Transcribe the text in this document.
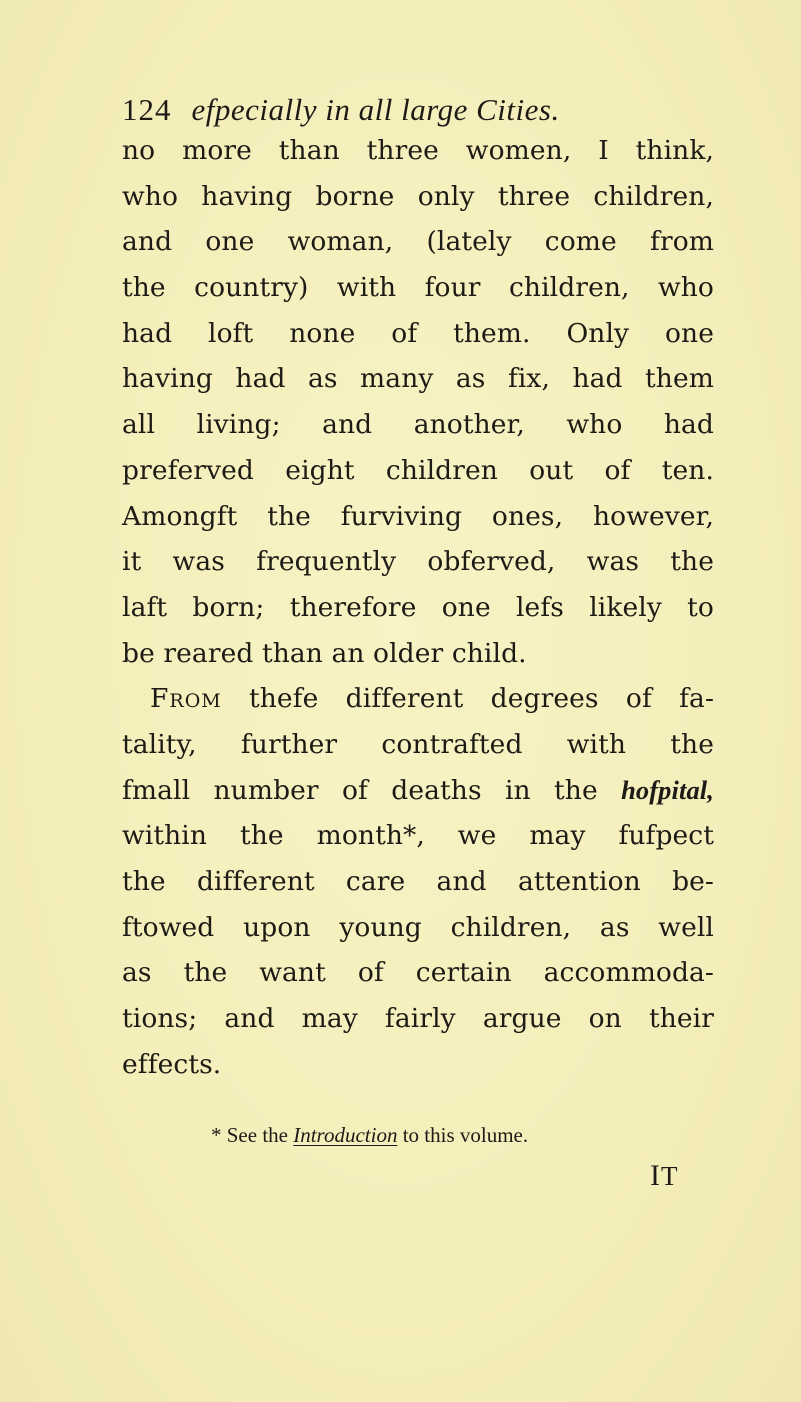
124 efpecially in all large Cities.
no more than three women, I think,
who having borne only three children,
and one woman, (lately come from
the country) with four children, who
had loft none of them. Only one
having had as many as fix, had them
all living; and another, who had
preferved eight children out of ten.
Amongft the furviving ones, however,
it was frequently obferved, was the
laft born; therefore one lefs likely to
be reared than an older child.
From thefe different degrees of fa-
tality, further contrafted with the
fmall number of deaths in the hofpital,
within the month*, we may fufpect
the different care and attention be-
ftowed upon young children, as well
as the want of certain accommoda-
tions; and may fairly argue on their
effects.
* See the Introduction to this volume.
IT
